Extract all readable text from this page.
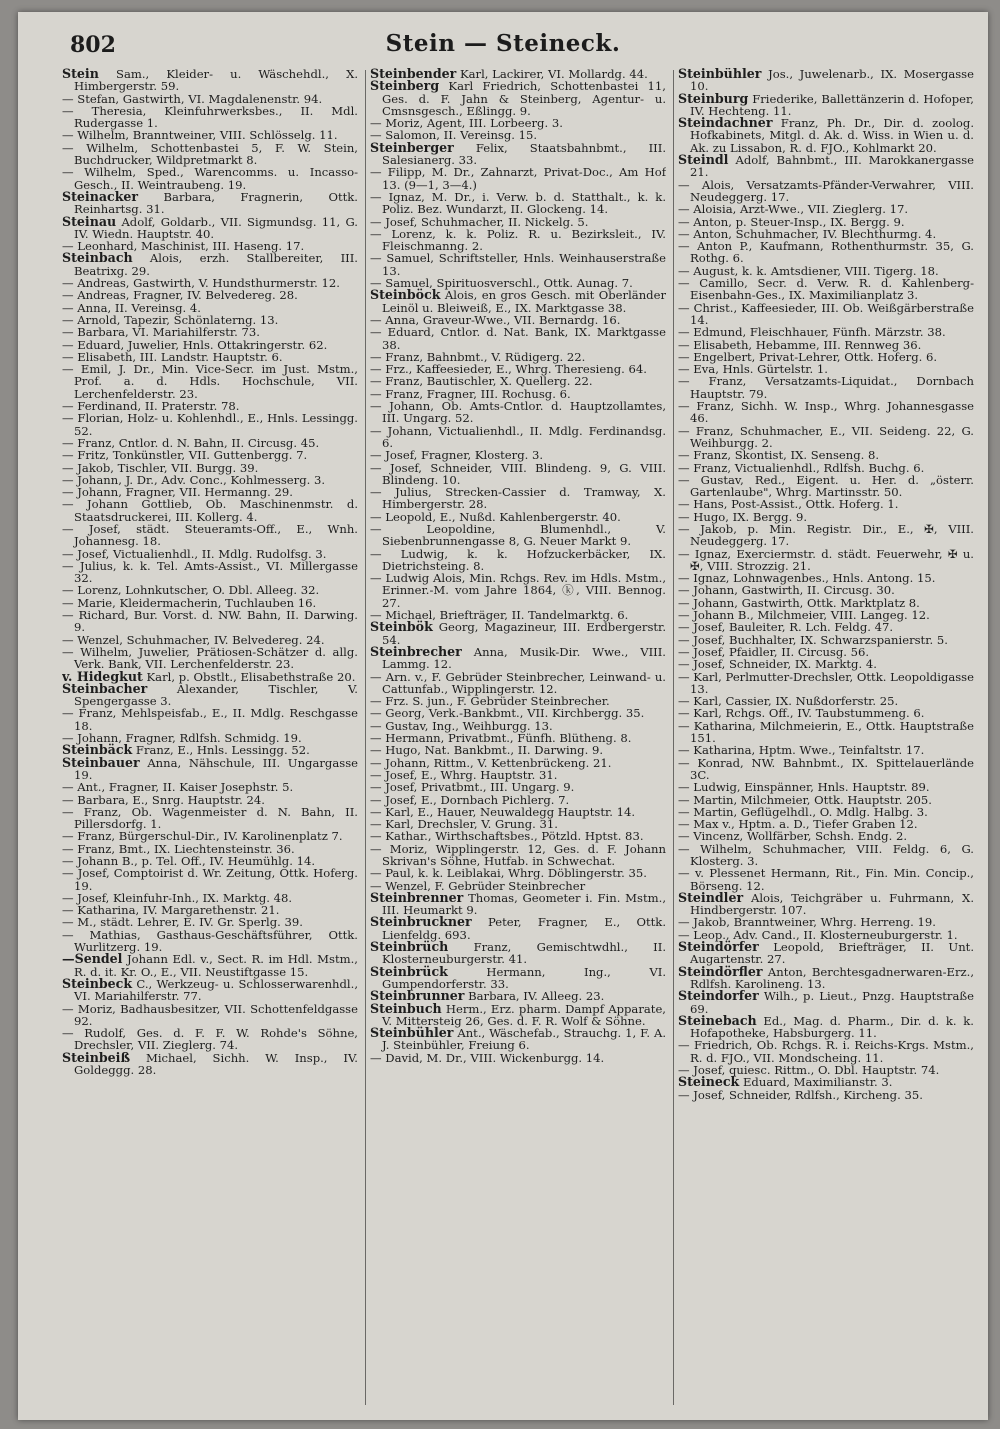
802	Stein — Steineck.

Stein Sam., Kleider- u. Wäschehdl., X. Himbergerstr. 59.

— Stefan, Gastwirth, VI. Magdalenenstr. 94.

— Theresia, Kleinfuhrwerksbes., II. Mdl. Rudergasse 1.

— Wilhelm, Branntweiner, VIII. Schlösselg. 11.

— Wilhelm, Schottenbastei 5, F. W. Stein, Buchdrucker, Wildpretmarkt 8.

— Wilhelm, Sped., Warencomms. u. Incasso-Gesch., II. Weintraubeng. 19.

Steinacker Barbara, Fragnerin, Ottk. Reinhartsg. 31.

Steinau Adolf, Goldarb., VII. Sigmundsg. 11, G. IV. Wiedn. Hauptstr. 40.

— Leonhard, Maschinist, III. Haseng. 17.

Steinbach Alois, erzh. Stallbereiter, III. Beatrixg. 29.

— Andreas, Gastwirth, V. Hundsthurmerstr. 12.

— Andreas, Fragner, IV. Belvedereg. 28.

— Anna, II. Vereinsg. 4.

— Arnold, Tapezir, Schönlaterng. 13.

— Barbara, VI. Mariahilferstr. 73.

— Eduard, Juwelier, Hnls. Ottakringerstr. 62.

— Elisabeth, III. Landstr. Hauptstr. 6.

— Emil, J. Dr., Min. Vice-Secr. im Just. Mstm., Prof. a. d. Hdls. Hochschule, VII. Lerchenfelderstr. 23.

— Ferdinand, II. Praterstr. 78.

— Florian, Holz- u. Kohlenhdl., E., Hnls. Lessingg. 52.

— Franz, Cntlor. d. N. Bahn, II. Circusg. 45.

— Fritz, Tonkünstler, VII. Guttenbergg. 7.

— Jakob, Tischler, VII. Burgg. 39.

— Johann, J. Dr., Adv. Conc., Kohlmesserg. 3.

— Johann, Fragner, VII. Hermanng. 29.

— Johann Gottlieb, Ob. Maschinenmstr. d. Staatsdruckerei, III. Kollerg. 4.

— Josef, städt. Steueramts-Off., E., Wnh. Johannesg. 18.

— Josef, Victualienhdl., II. Mdlg. Rudolfsg. 3.

— Julius, k. k. Tel. Amts-Assist., VI. Millergasse 32.

— Lorenz, Lohnkutscher, O. Dbl. Alleeg. 32.

— Marie, Kleidermacherin, Tuchlauben 16.

— Richard, Bur. Vorst. d. NW. Bahn, II. Darwing. 9.

— Wenzel, Schuhmacher, IV. Belvedereg. 24.

— Wilhelm, Juwelier, Prätiosen-Schätzer d. allg. Verk. Bank, VII. Lerchenfelderstr. 23.

v. Hidegkut Karl, p. Obstlt., Elisabethstraße 20.

Steinbacher	Alexander, Tischler, V. Spengergasse 3.

— Franz, Mehlspeisfab., E., II. Mdlg. Reschgasse 18.

— Johann, Fragner, Rdlfsh. Schmidg. 19.

Steinbäck Franz, E., Hnls. Lessingg. 52.

Steinbauer Anna, Nähschule, III. Ungargasse 19.

— Ant., Fragner, II. Kaiser Josephstr. 5.

— Barbara, E., Snrg. Hauptstr. 24.

— Franz, Ob. Wagenmeister d. N. Bahn, II. Pillersdorfg. 1.

— Franz, Bürgerschul-Dir., IV. Karolinenplatz 7.

— Franz, Bmt., IX. Liechtensteinstr. 36.

— Johann B., p. Tel. Off., IV. Heumühlg. 14.

— Josef, Comptoirist d. Wr. Zeitung, Ottk. Hoferg. 19.

— Josef, Kleinfuhr-Inh., IX. Marktg. 48.

— Katharina, IV. Margarethenstr. 21.

— M., städt. Lehrer, E. IV. Gr. Sperlg. 39.

— Mathias, Gasthaus-Geschäftsführer, Ottk. Wurlitzerg. 19.

—Sendel Johann Edl. v., Sect. R. im Hdl. Mstm., R. d. it. Kr. O., E., VII. Neustiftgasse 15.

Steinbeck C., Werkzeug- u. Schlosserwarenhdl., VI. Mariahilferstr. 77.

— Moriz, Badhausbesitzer, VII. Schottenfeldgasse 92.

— Rudolf, Ges. d. F. F. W. Rohde's Söhne, Drechsler, VII. Zieglerg. 74.

Steinbeiß Michael, Sichh. W. Insp., IV. Goldeggg. 28.

Steinbender Karl, Lackirer, VI. Mollardg. 44.

Steinberg Karl Friedrich, Schottenbastei 11, Ges. d. F. Jahn & Steinberg, Agentur- u. Cmsnsgesch., Eßlingg. 9.

— Moriz, Agent, III. Lorbeerg. 3.

— Salomon, II. Vereinsg. 15.

Steinberger Felix, Staatsbahnbmt., III. Salesianerg. 33.

— Filipp, M. Dr., Zahnarzt, Privat-Doc., Am Hof 13. (9—1, 3—4.)

— Ignaz, M. Dr., i. Verw. b. d. Statthalt., k. k. Poliz. Bez. Wundarzt, II. Glockeng. 14.

— Josef, Schuhmacher, II. Nickelg. 5.

— Lorenz, k. k. Poliz. R. u. Bezirksleit., IV. Fleischmanng. 2.

— Samuel, Schriftsteller, Hnls. Weinhauserstraße 13.

— Samuel, Spirituosverschl., Ottk. Aunag. 7.

Steinböck Alois, en gros Gesch. mit Oberländer Leinöl u. Bleiweiß, E., IX. Marktgasse 38.

— Anna, Graveur-Wwe., VII. Bernardg. 16.

— Eduard, Cntlor. d. Nat. Bank, IX. Marktgasse 38.

— Franz, Bahnbmt., V. Rüdigerg. 22.

— Frz., Kaffeesieder, E., Whrg. Theresieng. 64.

— Franz, Bautischler, X. Quellerg. 22.

— Franz, Fragner, III. Rochusg. 6.

— Johann, Ob. Amts-Cntlor. d. Hauptzollamtes, III. Ungarg. 52.

— Johann, Victualienhdl., II. Mdlg. Ferdinandsg. 6.

— Josef, Fragner, Klosterg. 3.

— Josef, Schneider, VIII. Blindeng. 9, G. VIII. Blindeng. 10.

— Julius, Strecken-Cassier d. Tramway, X. Himbergerstr. 28.

— Leopold, E., Nußd. Kahlenbergerstr. 40.

— Leopoldine, Blumenhdl., V. Siebenbrunnengasse 8, G. Neuer Markt 9.

— Ludwig, k. k. Hofzuckerbäcker, IX. Dietrichsteing. 8.

— Ludwig Alois, Min. Rchgs. Rev. im Hdls. Mstm., Erinner.-M. vom Jahre 1864, ⓚ, VIII. Bennog. 27.

— Michael, Briefträger, II. Tandelmarktg. 6.

Steinbök Georg, Magazineur, III. Erdbergerstr. 54.

Steinbrecher Anna, Musik-Dir. Wwe., VIII. Lammg. 12.

— Arn. v., F. Gebrüder Steinbrecher, Leinwand- u. Cattunfab., Wipplingerstr. 12.

— Frz. S. jun., F. Gebrüder Steinbrecher.

— Georg, Verk.-Bankbmt., VII. Kirchbergg. 35.

— Gustav, Ing., Weihburgg. 13.

— Hermann, Privatbmt., Fünfh. Blütheng. 8.

— Hugo, Nat. Bankbmt., II. Darwing. 9.

— Johann, Rittm., V. Kettenbrückeng. 21.

— Josef, E., Whrg. Hauptstr. 31.

— Josef, Privatbmt., III. Ungarg. 9.

— Josef, E., Dornbach Pichlerg. 7.

— Karl, E., Hauer, Neuwaldegg Hauptstr. 14.

— Karl, Drechsler, V. Grung. 31.

— Kathar., Wirthschaftsbes., Pötzld. Hptst. 83.

— Moriz, Wipplingerstr. 12, Ges. d. F. Johann Skrivan's Söhne, Hutfab. in Schwechat.

— Paul, k. k. Leiblakai, Whrg. Döblingerstr. 35.

— Wenzel, F. Gebrüder Steinbrecher

Steinbrenner Thomas, Geometer i. Fin. Mstm., III. Heumarkt 9.

Steinbruckner Peter, Fragner, E., Ottk. Lienfeldg. 693.

Steinbrüch Franz, Gemischtwdhl., II. Klosterneuburgerstr. 41.

Steinbrück	Hermann, Ing., VI. Gumpendorferstr. 33.

Steinbrunner Barbara, IV. Alleeg. 23.

Steinbuch Herm., Erz. pharm. Dampf Apparate, V. Mittersteig 26, Ges. d. F. R. Wolf & Söhne.

Steinbühler Ant., Wäschefab., Strauchg. 1, F. A. J. Steinbühler, Freiung 6.

— David, M. Dr., VIII. Wickenburgg. 14.

Steinbühler Jos., Juwelenarb., IX. Mosergasse 10.

Steinburg Friederike, Ballettänzerin d. Hofoper, IV. Hechteng. 11.

Steindachner Franz, Ph. Dr., Dir. d. zoolog. Hofkabinets, Mitgl. d. Ak. d. Wiss. in Wien u. d. Ak. zu Lissabon, R. d. FJO., Kohlmarkt 20.

Steindl Adolf, Bahnbmt., III. Marokkanergasse 21.

— Alois, Versatzamts-Pfänder-Verwahrer, VIII. Neudeggerg. 17.

— Aloisia, Arzt-Wwe., VII. Zieglerg. 17.

— Anton, p. Steuer-Insp., IX. Bergg. 9.

— Anton, Schuhmacher, IV. Blechthurmg. 4.

— Anton P., Kaufmann, Rothenthurmstr. 35, G. Rothg. 6.

— August, k. k. Amtsdiener, VIII. Tigerg. 18.

— Camillo, Secr. d. Verw. R. d. Kahlenberg-Eisenbahn-Ges., IX. Maximilianplatz 3.

— Christ., Kaffeesieder, III. Ob. Weißgärberstraße 14.

— Edmund, Fleischhauer, Fünfh. Märzstr. 38.

— Elisabeth, Hebamme, III. Rennweg 36.

— Engelbert, Privat-Lehrer, Ottk. Hoferg. 6.

— Eva, Hnls. Gürtelstr. 1.

— Franz, Versatzamts-Liquidat., Dornbach Hauptstr. 79.

— Franz, Sichh. W. Insp., Whrg. Johannesgasse 46.

— Franz, Schuhmacher, E., VII. Seideng. 22, G. Weihburgg. 2.

— Franz, Skontist, IX. Senseng. 8.

— Franz, Victualienhdl., Rdlfsh. Buchg. 6.

— Gustav, Red., Eigent. u. Her. d. „österr. Gartenlaube", Whrg. Martinsstr. 50.

— Hans, Post-Assist., Ottk. Hoferg. 1.

— Hugo, IX. Bergg. 9.

— Jakob, p. Min. Registr. Dir., E., ✠, VIII. Neudeggerg. 17.

— Ignaz, Exerciermstr. d. städt. Feuerwehr, ✠ u. ✠, VIII. Strozzig. 21.

— Ignaz, Lohnwagenbes., Hnls. Antong. 15.

— Johann, Gastwirth, II. Circusg. 30.

— Johann, Gastwirth, Ottk. Marktplatz 8.

— Johann B., Milchmeier, VIII. Langeg. 12.

— Josef, Bauleiter, R. Lch. Feldg. 47.

— Josef, Buchhalter, IX. Schwarzspanierstr. 5.

— Josef, Pfaidler, II. Circusg. 56.

— Josef, Schneider, IX. Marktg. 4.

— Karl, Perlmutter-Drechsler, Ottk. Leopoldigasse 13.

— Karl, Cassier, IX. Nußdorferstr. 25.

— Karl, Rchgs. Off., IV. Taubstummeng. 6.

— Katharina, Milchmeierin, E., Ottk. Hauptstraße 151.

— Katharina, Hptm. Wwe., Teinfaltstr. 17.

— Konrad, NW. Bahnbmt., IX. Spittelauerlände 3C.

— Ludwig, Einspänner, Hnls. Hauptstr. 89.

— Martin, Milchmeier, Ottk. Hauptstr. 205.

— Martin, Geflügelhdl., O. Mdlg. Halbg. 3.

— Max v., Hptm. a. D., Tiefer Graben 12.

— Vincenz, Wollfärber, Schsh. Endg. 2.

— Wilhelm, Schuhmacher, VIII. Feldg. 6, G. Klosterg. 3.

— v. Plessenet Hermann, Rit., Fin. Min. Concip., Börseng. 12.

Steindler Alois, Teichgräber u. Fuhrmann, X. Hindbergerstr. 107.

— Jakob, Branntweiner, Whrg. Herreng. 19.

— Leop., Adv. Cand., II. Klosterneuburgerstr. 1.

Steindörfer Leopold, Briefträger, II. Unt. Augartenstr. 27.

Steindörfler Anton, Berchtesgadnerwaren-Erz., Rdlfsh. Karolineng. 13.

Steindorfer Wilh., p. Lieut., Pnzg. Hauptstraße 69.

Steinebach Ed., Mag. d. Pharm., Dir. d. k. k. Hofapotheke, Habsburgerg. 11.

— Friedrich, Ob. Rchgs. R. i. Reichs-Krgs. Mstm., R. d. FJO., VII. Mondscheing. 11.

— Josef, quiesc. Rittm., O. Dbl. Hauptstr. 74.

Steineck Eduard, Maximilianstr. 3.

— Josef, Schneider, Rdlfsh., Kircheng. 35.
